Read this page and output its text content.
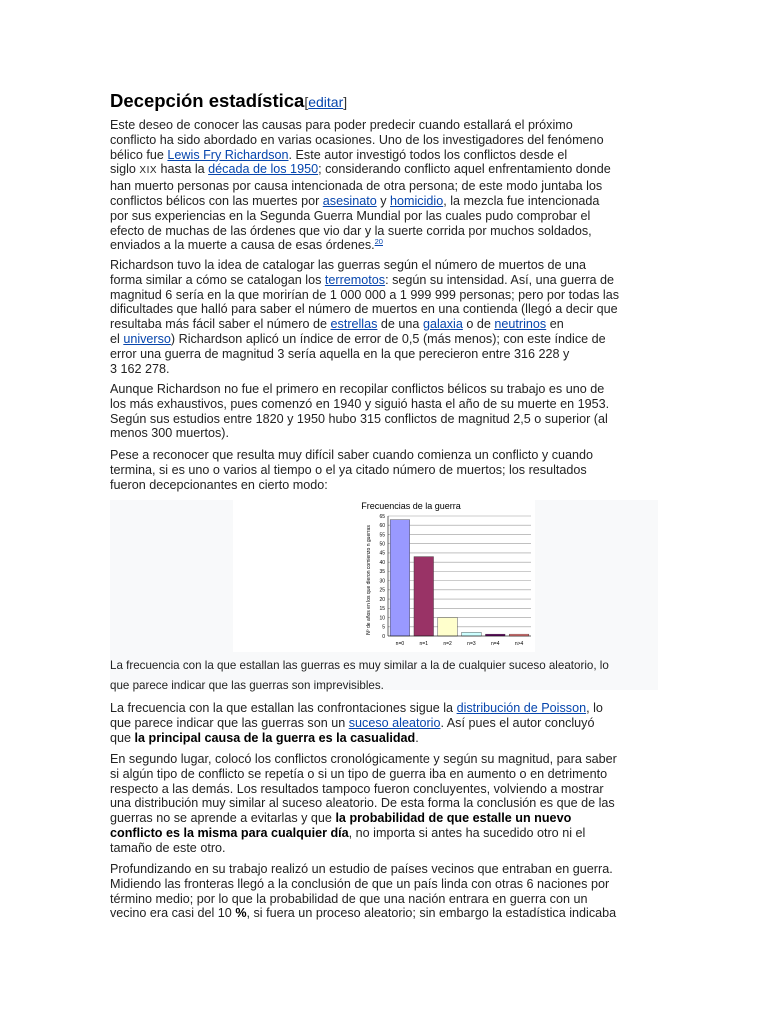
Decepción estadística[editar]

Este deseo de conocer las causas para poder predecir cuando estallará el próximo
conflicto ha sido abordado en varias ocasiones. Uno de los investigadores del fenómeno
bélico fue Lewis Fry Richardson. Este autor investigó todos los conflictos desde el
siglo XIX hasta la década de los 1950; considerando conflicto aquel enfrentamiento donde
han muerto personas por causa intencionada de otra persona; de este modo juntaba los
conflictos bélicos con las muertes por asesinato y homicidio, la mezcla fue intencionada
por sus experiencias en la Segunda Guerra Mundial por las cuales pudo comprobar el
efecto de muchas de las órdenes que vio dar y la suerte corrida por muchos soldados,
enviados a la muerte a causa de esas órdenes.$^{20}$

Richardson tuvo la idea de catalogar las guerras según el número de muertos de una
forma similar a cómo se catalogan los terremotos: según su intensidad. Así, una guerra de
magnitud 6 sería en la que morirían de 1 000 000 a 1 999 999 personas; pero por todas las
dificultades que halló para saber el número de muertos en una contienda (llegó a decir que
resultaba más fácil saber el número de estrellas de una galaxia o de neutrinos en
el universo) Richardson aplicó un índice de error de 0,5 (más menos); con este índice de
error una guerra de magnitud 3 sería aquella en la que perecieron entre 316 228 y
3 162 278.

Aunque Richardson no fue el primero en recopilar conflictos bélicos su trabajo es uno de
los más exhaustivos, pues comenzó en 1940 y siguió hasta el año de su muerte en 1953.
Según sus estudios entre 1820 y 1950 hubo 315 conflictos de magnitud 2,5 o superior (al
menos 300 muertos).

Pese a reconocer que resulta muy difícil saber cuando comienza un conflicto y cuando
termina, si es uno o varios al tiempo o el ya citado número de muertos; los resultados
fueron decepcionantes en cierto modo:

Frecuencias de la guerra
Nº de años en los que dieron comienzo n guerras
0
5
10
15
20
25
30
35
40
45
50
55
60
65
n=0	n=1	n=2	n=3	n=4	n>4
La frecuencia con la que estallan las guerras es muy similar a la de cualquier suceso aleatorio, lo
que parece indicar que las guerras son imprevisibles.

La frecuencia con la que estallan las confrontaciones sigue la distribución de Poisson, lo
que parece indicar que las guerras son un suceso aleatorio. Así pues el autor concluyó
que la principal causa de la guerra es la casualidad.

En segundo lugar, colocó los conflictos cronológicamente y según su magnitud, para saber
si algún tipo de conflicto se repetía o si un tipo de guerra iba en aumento o en detrimento
respecto a las demás. Los resultados tampoco fueron concluyentes, volviendo a mostrar
una distribución muy similar al suceso aleatorio. De esta forma la conclusión es que de las
guerras no se aprende a evitarlas y que la probabilidad de que estalle un nuevo
conflicto es la misma para cualquier día, no importa si antes ha sucedido otro ni el
tamaño de este otro.

Profundizando en su trabajo realizó un estudio de países vecinos que entraban en guerra.
Midiendo las fronteras llegó a la conclusión de que un país linda con otras 6 naciones por
término medio; por lo que la probabilidad de que una nación entrara en guerra con un
vecino era casi del 10 %, si fuera un proceso aleatorio; sin embargo la estadística indicaba
